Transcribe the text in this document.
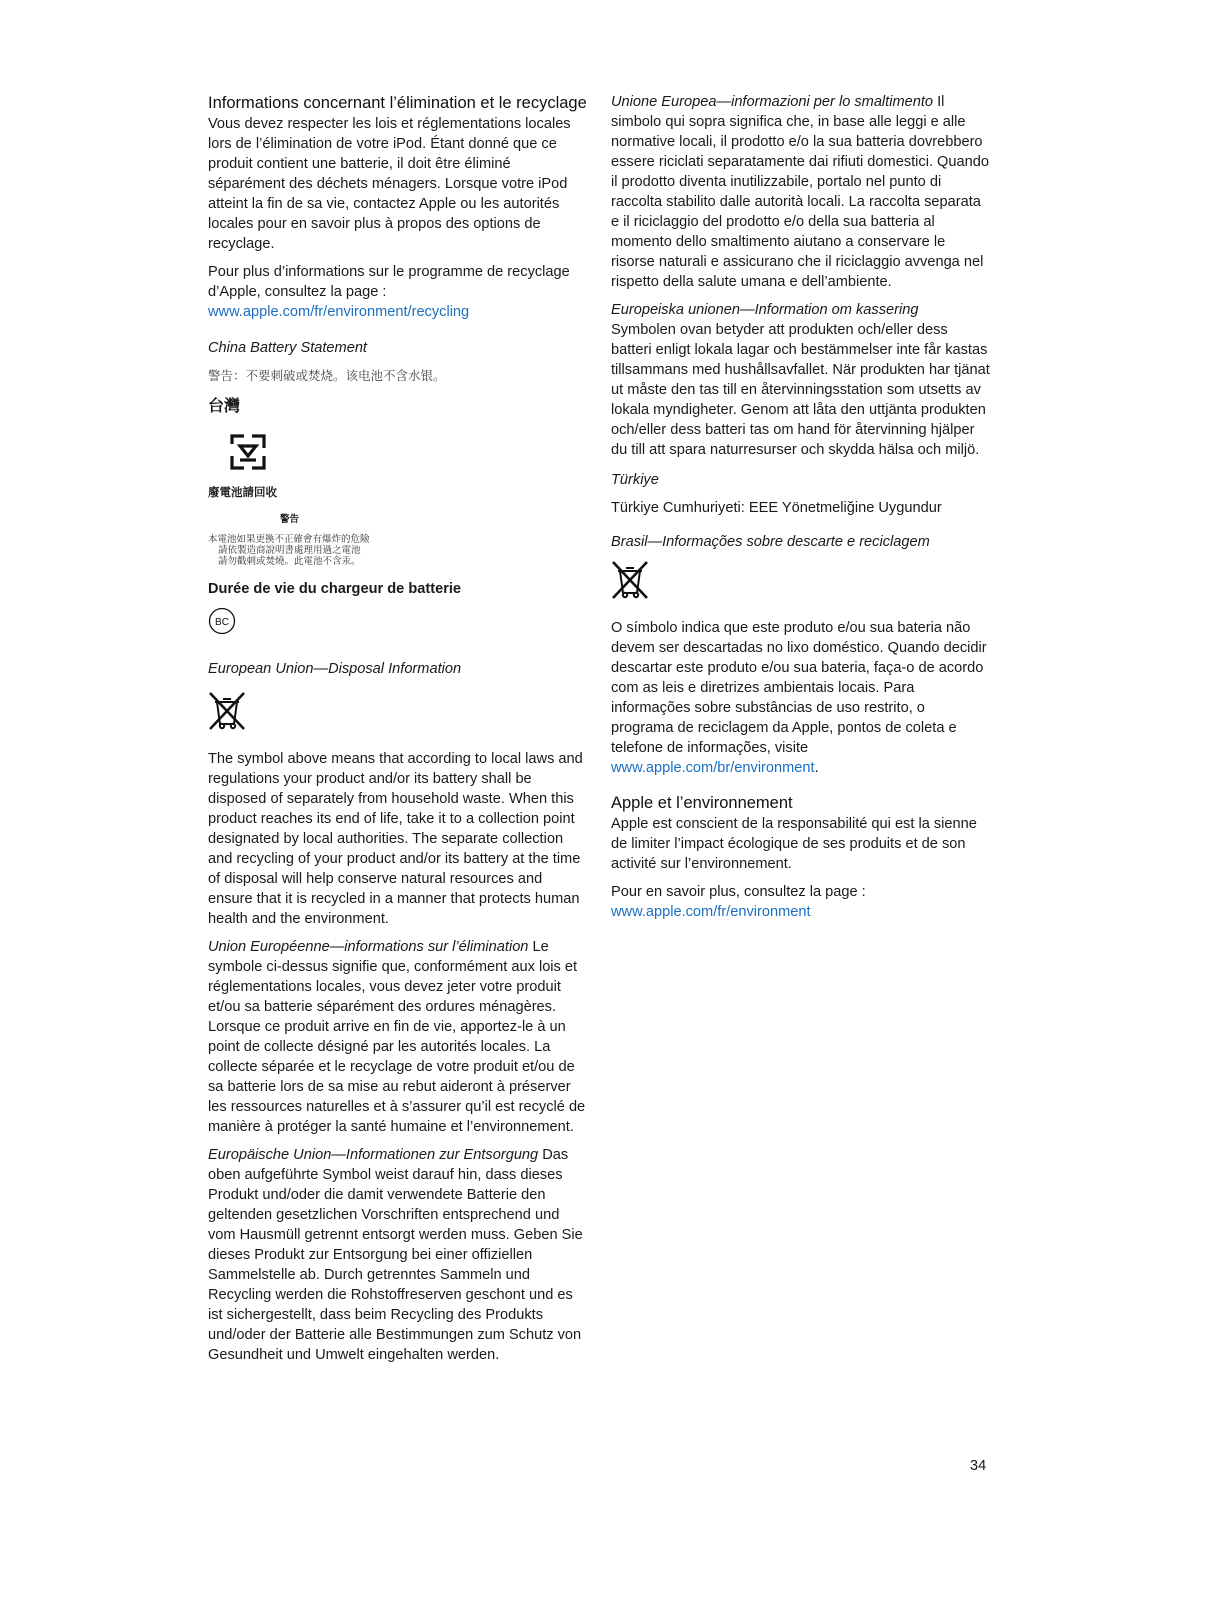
Informations concernant l’élimination et le recyclage

Vous devez respecter les lois et réglementations locales lors de l’élimination de votre iPod. Étant donné que ce produit contient une batterie, il doit être éliminé séparément des déchets ménagers. Lorsque votre iPod atteint la fin de sa vie, contactez Apple ou les autorités locales pour en savoir plus à propos des options de recyclage.

Pour plus d’informations sur le programme de recyclage d’Apple, consultez la page :
www.apple.com/fr/environment/recycling

China Battery Statement
警告：不要刺破或焚烧。该电池不含水银。
台灣
廢電池請回收
警告
本電池如果更換不正確會有爆炸的危險
請依製造商說明書處理用過之電池
請勿戳刺或焚燒。此電池不含汞。
Durée de vie du chargeur de batterie
BC
European Union—Disposal Information

The symbol above means that according to local laws and regulations your product and/or its battery shall be disposed of separately from household waste. When this product reaches its end of life, take it to a collection point designated by local authorities. The separate collection and recycling of your product and/or its battery at the time of disposal will help conserve natural resources and ensure that it is recycled in a manner that protects human health and the environment.

Union Européenne—informations sur l’élimination Le symbole ci-dessus signifie que, conformément aux lois et réglementations locales, vous devez jeter votre produit et/ou sa batterie séparément des ordures ménagères. Lorsque ce produit arrive en fin de vie, apportez-le à un point de collecte désigné par les autorités locales. La collecte séparée et le recyclage de votre produit et/ou de sa batterie lors de sa mise au rebut aideront à préserver les ressources naturelles et à s’assurer qu’il est recyclé de manière à protéger la santé humaine et l’environnement.

Europäische Union—Informationen zur Entsorgung Das oben aufgeführte Symbol weist darauf hin, dass dieses Produkt und/oder die damit verwendete Batterie den geltenden gesetzlichen Vorschriften entsprechend und vom Hausmüll getrennt entsorgt werden muss. Geben Sie dieses Produkt zur Entsorgung bei einer offiziellen Sammelstelle ab. Durch getrenntes Sammeln und Recycling werden die Rohstoffreserven geschont und es ist sichergestellt, dass beim Recycling des Produkts und/oder der Batterie alle Bestimmungen zum Schutz von Gesundheit und Umwelt eingehalten werden.

Unione Europea—informazioni per lo smaltimento Il simbolo qui sopra significa che, in base alle leggi e alle normative locali, il prodotto e/o la sua batteria dovrebbero essere riciclati separatamente dai rifiuti domestici. Quando il prodotto diventa inutilizzabile, portalo nel punto di raccolta stabilito dalle autorità locali. La raccolta separata e il riciclaggio del prodotto e/o della sua batteria al momento dello smaltimento aiutano a conservare le risorse naturali e assicurano che il riciclaggio avvenga nel rispetto della salute umana e dell’ambiente.

Europeiska unionen—Information om kassering

Symbolen ovan betyder att produkten och/eller dess batteri enligt lokala lagar och bestämmelser inte får kastas tillsammans med hushållsavfallet. När produkten har tjänat ut måste den tas till en återvinningsstation som utsetts av lokala myndigheter. Genom att låta den uttjänta produkten och/eller dess batteri tas om hand för återvinning hjälper du till att spara naturresurser och skydda hälsa och miljö.

Türkiye

Türkiye Cumhuriyeti: EEE Yönetmeliğine Uygundur

Brasil—Informações sobre descarte e reciclagem

O símbolo indica que este produto e/ou sua bateria não devem ser descartadas no lixo doméstico. Quando decidir descartar este produto e/ou sua bateria, faça-o de acordo com as leis e diretrizes ambientais locais. Para informações sobre substâncias de uso restrito, o programa de reciclagem da Apple, pontos de coleta e telefone de informações, visite www.apple.com/br/environment.

Apple et l’environnement

Apple est conscient de la responsabilité qui est la sienne de limiter l’impact écologique de ses produits et de son activité sur l’environnement.

Pour en savoir plus, consultez la page :
www.apple.com/fr/environment

34
